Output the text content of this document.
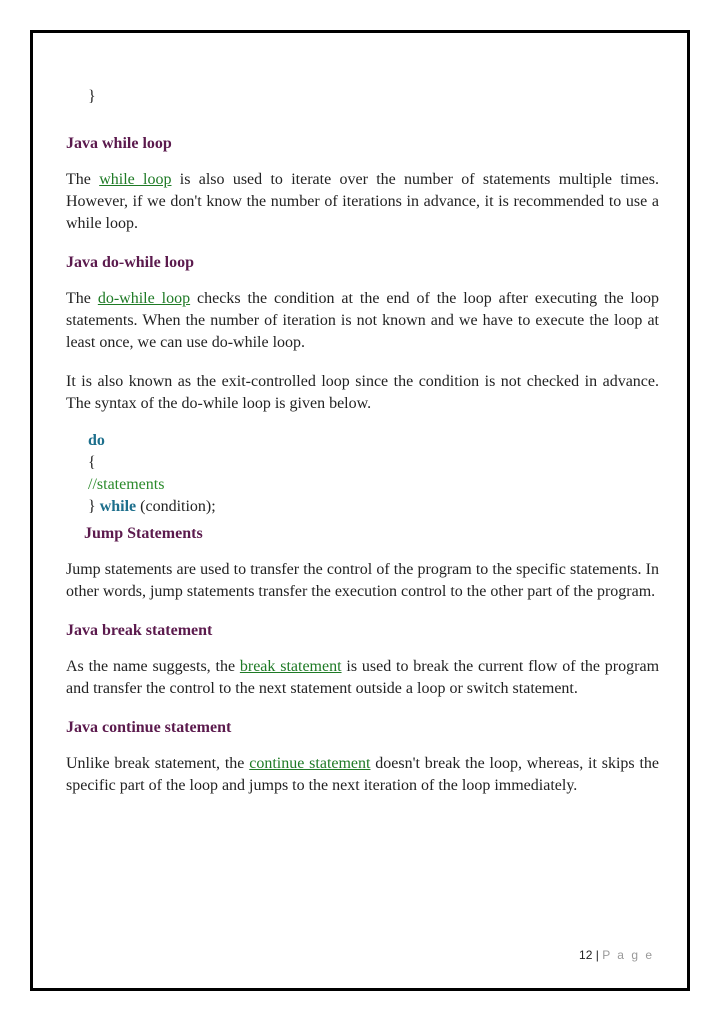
}
Java while loop

The while loop is also used to iterate over the number of statements multiple times. However, if we don't know the number of iterations in advance, it is recommended to use a while loop.

Java do-while loop

The do-while loop checks the condition at the end of the loop after executing the loop statements. When the number of iteration is not known and we have to execute the loop at least once, we can use do-while loop.

It is also known as the exit-controlled loop since the condition is not checked in advance. The syntax of the do-while loop is given below.

do
{
//statements
} while (condition);
Jump Statements

Jump statements are used to transfer the control of the program to the specific statements. In other words, jump statements transfer the execution control to the other part of the program.

Java break statement

As the name suggests, the break statement is used to break the current flow of the program and transfer the control to the next statement outside a loop or switch statement.

Java continue statement

Unlike break statement, the continue statement doesn't break the loop, whereas, it skips the specific part of the loop and jumps to the next iteration of the loop immediately.

12 | P a g e
